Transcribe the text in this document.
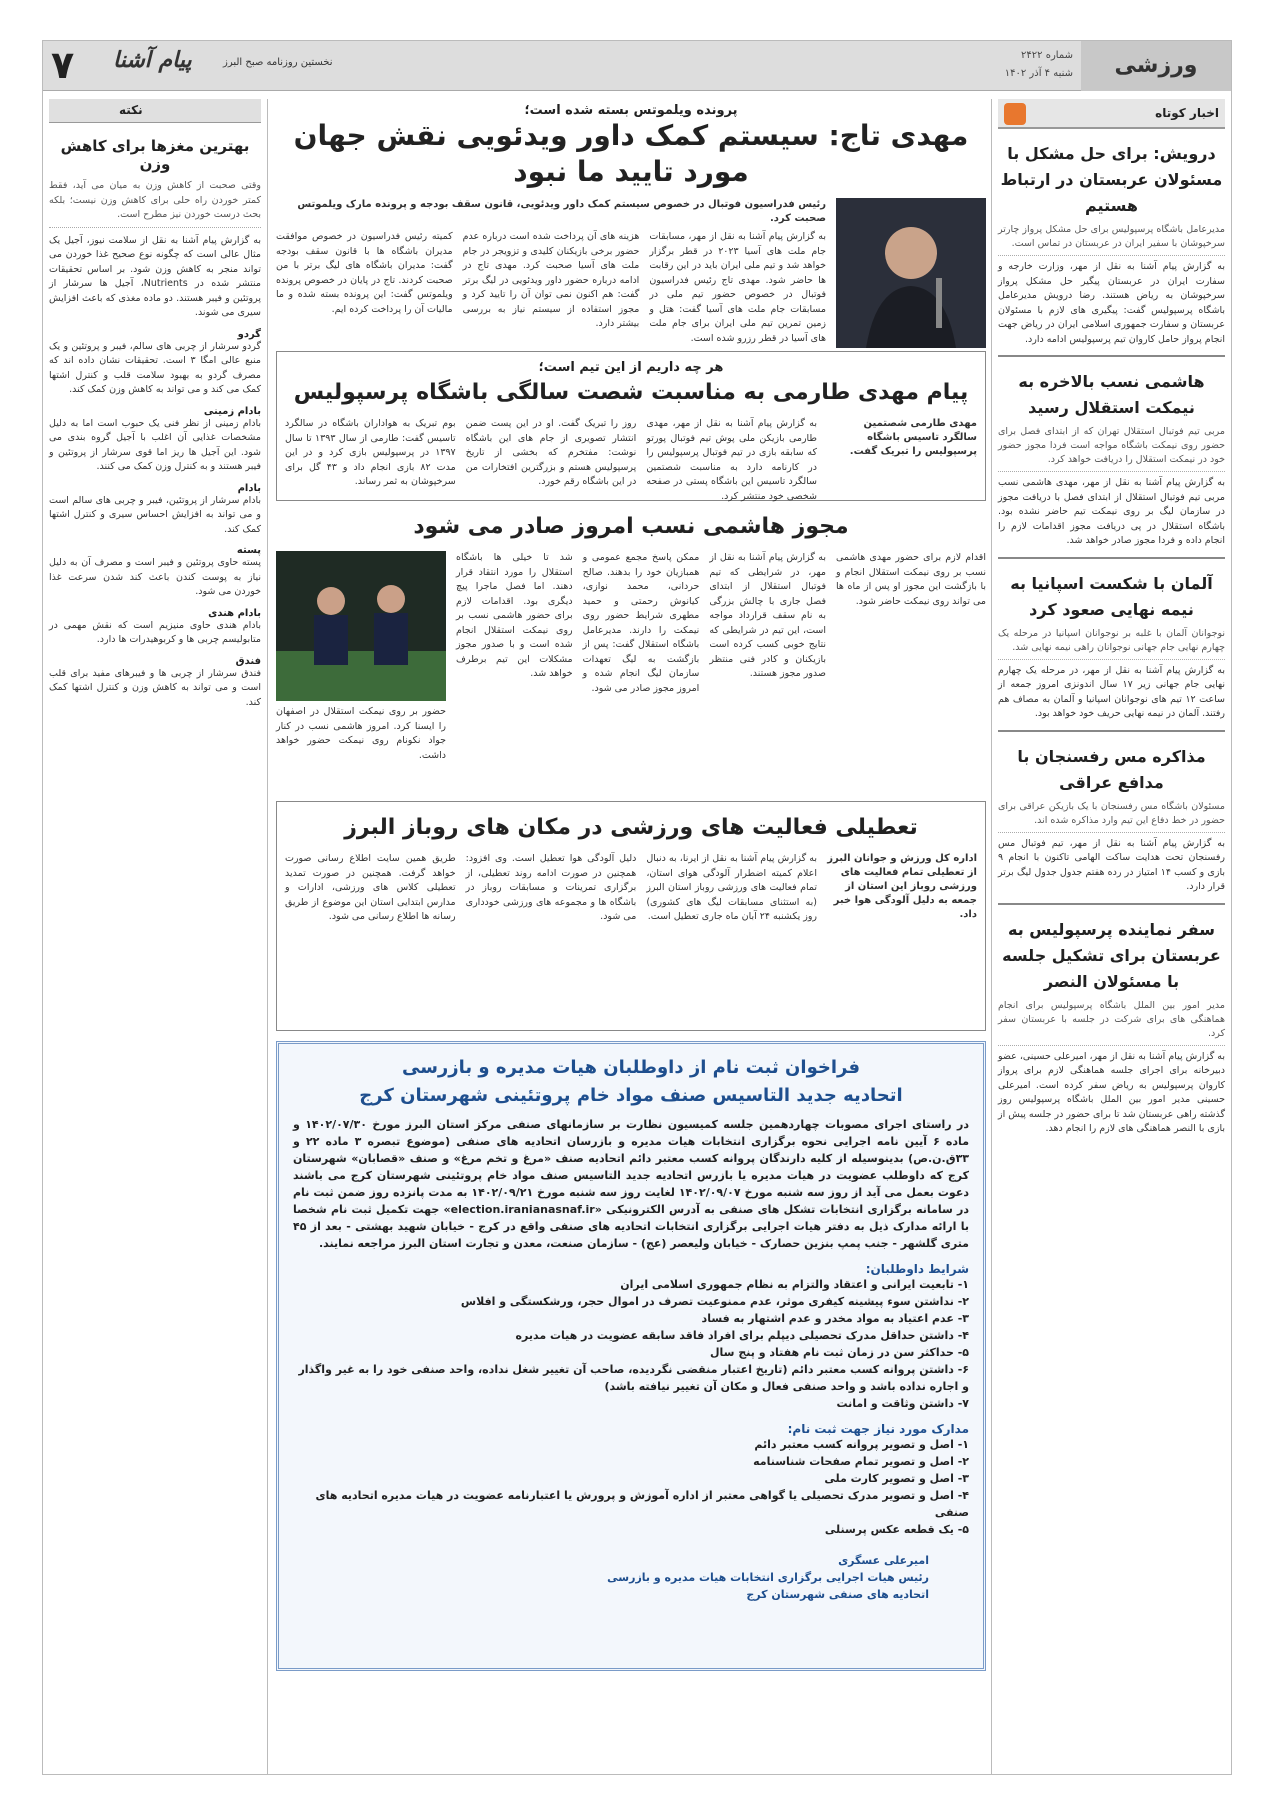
ورزشی
شماره ۲۴۲۲
شنبه ۴ آذر ۱۴۰۲
نخستین روزنامه صبح البرز
پیام آشنا
۷
اخبار کوتاه
درویش: برای حل مشکل با مسئولان عربستان در ارتباط هستیم
مدیرعامل باشگاه پرسپولیس برای حل مشکل پرواز چارتر سرخپوشان با سفیر ایران در عربستان در تماس است.
به گزارش پیام آشنا به نقل از مهر، وزارت خارجه و سفارت ایران در عربستان پیگیر حل مشکل پرواز سرخپوشان به ریاض هستند. رضا درویش مدیرعامل باشگاه پرسپولیس گفت: پیگیری های لازم با مسئولان عربستان و سفارت جمهوری اسلامی ایران در ریاض جهت انجام پرواز حامل کاروان تیم پرسپولیس ادامه دارد.
هاشمی نسب بالاخره به نیمکت استقلال رسید
مربی تیم فوتبال استقلال تهران که از ابتدای فصل برای حضور روی نیمکت باشگاه مواجه است فردا مجوز حضور خود در نیمکت استقلال را دریافت خواهد کرد.
به گزارش پیام آشنا به نقل از مهر، مهدی هاشمی نسب مربی تیم فوتبال استقلال از ابتدای فصل با دریافت مجوز در سازمان لیگ بر روی نیمکت تیم حاضر نشده بود. باشگاه استقلال در پی دریافت مجوز اقدامات لازم را انجام داده و فردا مجوز صادر خواهد شد.
آلمان با شکست اسپانیا به نیمه نهایی صعود کرد
نوجوانان آلمان با غلبه بر نوجوانان اسپانیا در مرحله یک چهارم نهایی جام جهانی نوجوانان راهی نیمه نهایی شد.
به گزارش پیام آشنا به نقل از مهر، در مرحله یک چهارم نهایی جام جهانی زیر ۱۷ سال اندونزی امروز جمعه از ساعت ۱۲ تیم های نوجوانان اسپانیا و آلمان به مصاف هم رفتند. آلمان در نیمه نهایی حریف خود خواهد بود.
مذاکره مس رفسنجان با مدافع عراقی
مسئولان باشگاه مس رفسنجان با یک بازیکن عراقی برای حضور در خط دفاع این تیم وارد مذاکره شده اند.
به گزارش پیام آشنا به نقل از مهر، تیم فوتبال مس رفسنجان تحت هدایت ساکت الهامی تاکنون با انجام ۹ بازی و کسب ۱۴ امتیاز در رده هفتم جدول جدول لیگ برتر قرار دارد.
سفر نماینده پرسپولیس به عربستان برای تشکیل جلسه با مسئولان النصر
مدیر امور بین الملل باشگاه پرسپولیس برای انجام هماهنگی های برای شرکت در جلسه با عربستان سفر کرد.
به گزارش پیام آشنا به نقل از مهر، امیرعلی حسینی، عضو دبیرخانه برای اجرای جلسه هماهنگی لازم برای پرواز کاروان پرسپولیس به ریاض سفر کرده است. امیرعلی حسینی مدیر امور بین الملل باشگاه پرسپولیس روز گذشته راهی عربستان شد تا برای حضور در جلسه پیش از بازی با النصر هماهنگی های لازم را انجام دهد.
نکته
بهترین مغزها برای کاهش وزن
وقتی صحبت از کاهش وزن به میان می آید، فقط کمتر خوردن راه حلی برای کاهش وزن نیست؛ بلکه بحث درست خوردن نیز مطرح است.
به گزارش پیام آشنا به نقل از سلامت نیوز، آجیل یک مثال عالی است که چگونه نوع صحیح غذا خوردن می تواند منجر به کاهش وزن شود. بر اساس تحقیقات منتشر شده در Nutrients، آجیل ها سرشار از پروتئین و فیبر هستند. دو ماده مغذی که باعث افزایش سیری می شوند.
گردو
گردو سرشار از چربی های سالم، فیبر و پروتئین و یک منبع عالی امگا ۳ است. تحقیقات نشان داده اند که مصرف گردو به بهبود سلامت قلب و کنترل اشتها کمک می کند و می تواند به کاهش وزن کمک کند.
بادام زمینی
بادام زمینی از نظر فنی یک حبوب است اما به دلیل مشخصات غذایی آن اغلب با آجیل گروه بندی می شود. این آجیل ها ریز اما قوی سرشار از پروتئین و فیبر هستند و به کنترل وزن کمک می کنند.
بادام
بادام سرشار از پروتئین، فیبر و چربی های سالم است و می تواند به افزایش احساس سیری و کنترل اشتها کمک کند.
پسته
پسته حاوی پروتئین و فیبر است و مصرف آن به دلیل نیاز به پوست کندن باعث کند شدن سرعت غذا خوردن می شود.
بادام هندی
بادام هندی حاوی منیزیم است که نقش مهمی در متابولیسم چربی ها و کربوهیدرات ها دارد.
فندق
فندق سرشار از چربی ها و فیبرهای مفید برای قلب است و می تواند به کاهش وزن و کنترل اشتها کمک کند.
پرونده ویلموتس بسته شده است؛
مهدی تاج: سیستم کمک داور ویدئویی نقش جهان مورد تایید ما نبود
رئیس فدراسیون فوتبال در خصوص سیستم کمک داور ویدئویی، قانون سقف بودجه و پرونده مارک ویلموتس صحبت کرد.
به گزارش پیام آشنا به نقل از مهر، مسابقات جام ملت های آسیا ۲۰۲۳ در قطر برگزار خواهد شد و تیم ملی ایران باید در این رقابت ها حاضر شود. مهدی تاج رئیس فدراسیون فوتبال در خصوص حضور تیم ملی در مسابقات جام ملت های آسیا گفت: هتل و زمین تمرین تیم ملی ایران برای جام ملت های آسیا در قطر رزرو شده است.
هزینه های آن پرداخت شده است درباره عدم حضور برخی بازیکنان کلیدی و تزویجر در جام ملت های آسیا صحبت کرد. مهدی تاج در ادامه درباره حضور داور ویدئویی در لیگ برتر گفت: هم اکنون نمی توان آن را تایید کرد و مجوز استفاده از سیستم نیاز به بررسی بیشتر دارد.
کمیته رئیس فدراسیون در خصوص موافقت مدیران باشگاه ها با قانون سقف بودجه گفت: مدیران باشگاه های لیگ برتر با من صحبت کردند. تاج در پایان در خصوص پرونده ویلموتس گفت: این پرونده بسته شده و ما مالیات آن را پرداخت کرده ایم.
هر چه داریم از این تیم است؛
پیام مهدی طارمی به مناسبت شصت سالگی باشگاه پرسپولیس
مهدی طارمی شصتمین سالگرد تاسیس باشگاه پرسپولیس را تبریک گفت.
به گزارش پیام آشنا به نقل از مهر، مهدی طارمی بازیکن ملی پوش تیم فوتبال پورتو که سابقه بازی در تیم فوتبال پرسپولیس را در کارنامه دارد به مناسبت شصتمین سالگرد تاسیس این باشگاه پستی در صفحه شخصی خود منتشر کرد.
روز را تبریک گفت. او در این پست ضمن انتشار تصویری از جام های این باشگاه نوشت: مفتخرم که بخشی از تاریخ پرسپولیس هستم و بزرگترین افتخارات من در این باشگاه رقم خورد.
بوم تبریک به هواداران باشگاه در سالگرد تاسیس گفت: طارمی از سال ۱۳۹۳ تا سال ۱۳۹۷ در پرسپولیس بازی کرد و در این مدت ۸۲ بازی انجام داد و ۴۳ گل برای سرخپوشان به ثمر رساند.
مجوز هاشمی نسب امروز صادر می شود
اقدام لازم برای حضور مهدی هاشمی نسب بر روی نیمکت استقلال انجام و با بازگشت این مجوز او پس از ماه ها می تواند روی نیمکت حاضر شود.
به گزارش پیام آشنا به نقل از مهر، در شرایطی که تیم فوتبال استقلال از ابتدای فصل جاری با چالش بزرگی به نام سقف قرارداد مواجه است، این تیم در شرایطی که نتایج خوبی کسب کرده است بازیکنان و کادر فنی منتظر صدور مجوز هستند.
ممکن پاسخ مجمع عمومی و همبازیان خود را بدهند. صالح حردانی، محمد نوازی، کیانوش رحمتی و حمید مطهری شرایط حضور روی نیمکت را دارند. مدیرعامل باشگاه استقلال گفت: پس از بازگشت به لیگ تعهدات سازمان لیگ انجام شده و امروز مجوز صادر می شود.
شد تا خیلی ها باشگاه استقلال را مورد انتقاد قرار دهند. اما فصل ماجرا پیچ دیگری بود. اقدامات لازم برای حضور هاشمی نسب بر روی نیمکت استقلال انجام شده است و با صدور مجوز مشکلات این تیم برطرف خواهد شد.
حضور بر روی نیمکت استقلال در اصفهان را ایسنا کرد. امروز هاشمی نسب در کنار جواد نکونام روی نیمکت حضور خواهد داشت.
تعطیلی فعالیت های ورزشی در مکان های روباز البرز
اداره کل ورزش و جوانان البرز از تعطیلی تمام فعالیت های ورزشی روباز این استان از جمعه به دلیل آلودگی هوا خبر داد.
به گزارش پیام آشنا به نقل از ایرنا، به دنبال اعلام کمیته اضطرار آلودگی هوای استان، تمام فعالیت های ورزشی روباز استان البرز (به استثنای مسابقات لیگ های کشوری) روز یکشنبه ۲۴ آبان ماه جاری تعطیل است.
دلیل آلودگی هوا تعطیل است. وی افزود: همچنین در صورت ادامه روند تعطیلی، از برگزاری تمرینات و مسابقات روباز در باشگاه ها و مجموعه های ورزشی خودداری می شود.
طریق همین سایت اطلاع رسانی صورت خواهد گرفت. همچنین در صورت تمدید تعطیلی کلاس های ورزشی، ادارات و مدارس ابتدایی استان این موضوع از طریق رسانه ها اطلاع رسانی می شود.
فراخوان ثبت نام از داوطلبان هیات مدیره و بازرسی
اتحادیه جدید التاسیس صنف مواد خام پروتئینی شهرستان کرج
در راستای اجرای مصوبات چهاردهمین جلسه کمیسیون نظارت بر سازمانهای صنفی مرکز استان البرز مورخ ۱۴۰۲/۰۷/۳۰ و ماده ۶ آیین نامه اجرایی نحوه برگزاری انتخابات هیات مدیره و بازرسان اتحادیه های صنفی (موضوع تبصره ۳ ماده ۲۲ و ۳۳ق.ن.ص) بدینوسیله از کلیه دارندگان پروانه کسب معتبر دائم اتحادیه صنف «مرغ و تخم مرغ» و صنف «قصابان» شهرستان کرج که داوطلب عضویت در هیات مدیره یا بازرس اتحادیه جدید التاسیس صنف مواد خام پروتئینی شهرستان کرج می باشند دعوت بعمل می آید از روز سه شنبه مورخ ۱۴۰۲/۰۹/۰۷ لغایت روز سه شنبه مورخ ۱۴۰۲/۰۹/۲۱ به مدت پانزده روز ضمن ثبت نام در سامانه برگزاری انتخابات تشکل های صنفی به آدرس الکترونیکی «election.iranianasnaf.ir» جهت تکمیل ثبت نام شخصا با ارائه مدارک ذیل به دفتر هیات اجرایی برگزاری انتخابات اتحادیه های صنفی واقع در کرج - خیابان شهید بهشتی - بعد از ۴۵ متری گلشهر - جنب پمپ بنزین حصارک - خیابان ولیعصر (عج) - سازمان صنعت، معدن و تجارت استان البرز مراجعه نمایند.
شرایط داوطلبان:
۱- تابعیت ایرانی و اعتقاد والتزام به نظام جمهوری اسلامی ایران
۲- نداشتن سوء پیشینه کیفری موثر، عدم ممنوعیت تصرف در اموال حجر، ورشکستگی و افلاس
۳- عدم اعتیاد به مواد مخدر و عدم اشتهار به فساد
۴- داشتن حداقل مدرک تحصیلی دیپلم برای افراد فاقد سابقه عضویت در هیات مدیره
۵- حداکثر سن در زمان ثبت نام هفتاد و پنج سال
۶- داشتن پروانه کسب معتبر دائم (تاریخ اعتبار منقضی نگردیده، صاحب آن تغییر شغل نداده، واحد صنفی خود را به غیر واگذار و اجاره نداده باشد و واحد صنفی فعال و مکان آن تغییر نیافته باشد)
۷- داشتن وثاقت و امانت
مدارک مورد نیاز جهت ثبت نام:
۱- اصل و تصویر پروانه کسب معتبر دائم
۲- اصل و تصویر تمام صفحات شناسنامه
۳- اصل و تصویر کارت ملی
۴- اصل و تصویر مدرک تحصیلی یا گواهی معتبر از اداره آموزش و پرورش یا اعتبارنامه عضویت در هیات مدیره اتحادیه های صنفی
۵- یک قطعه عکس پرسنلی
امیرعلی عسگری
رئیس هیات اجرایی برگزاری انتخابات هیات مدیره و بازرسی
اتحادیه های صنفی شهرستان کرج
